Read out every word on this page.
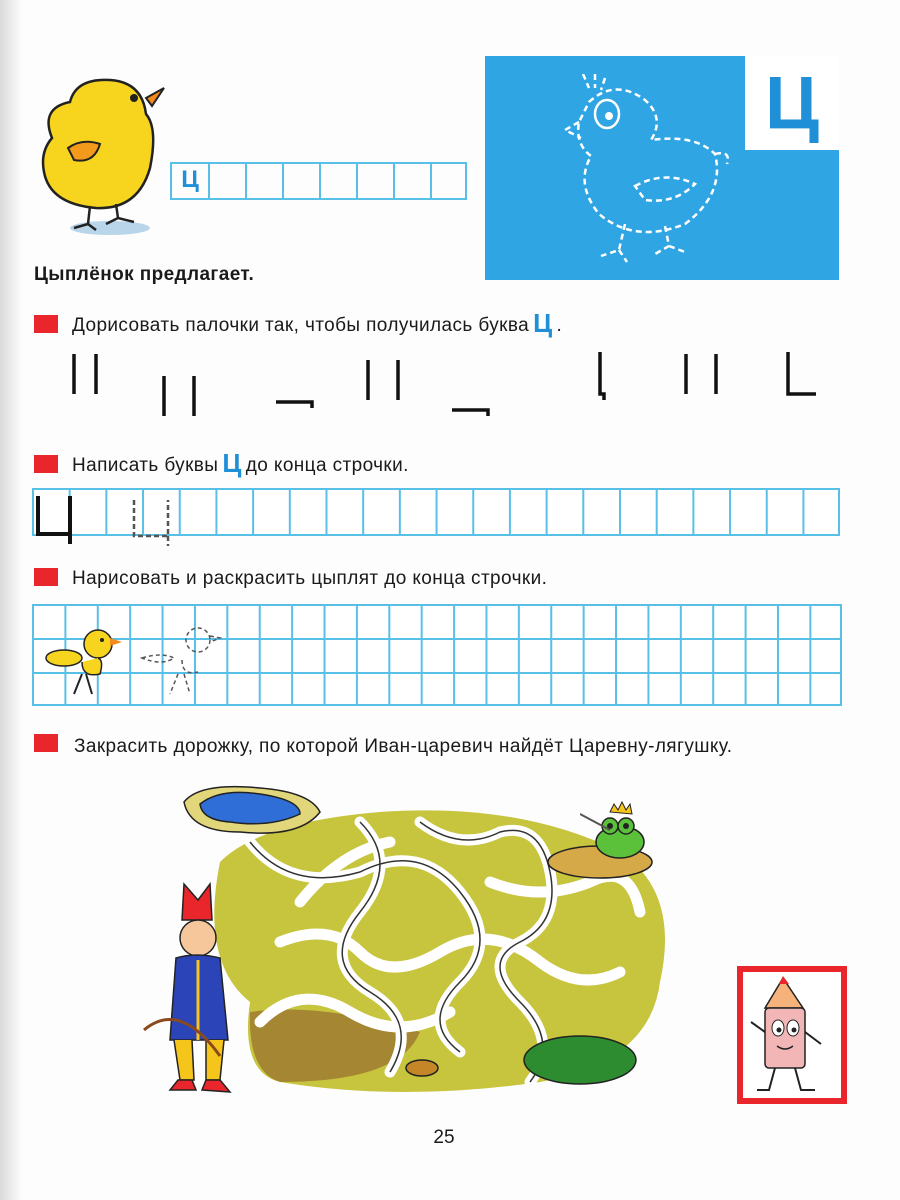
Ц
Ц
Цыплёнок предлагает.
Дорисовать палочки так, чтобы получилась буква Ц .
Написать буквы Ц до конца строчки.
Нарисовать и раскрасить цыплят до конца строчки.
Закрасить дорожку, по которой Иван-царевич найдёт Царевну-лягушку.
25
